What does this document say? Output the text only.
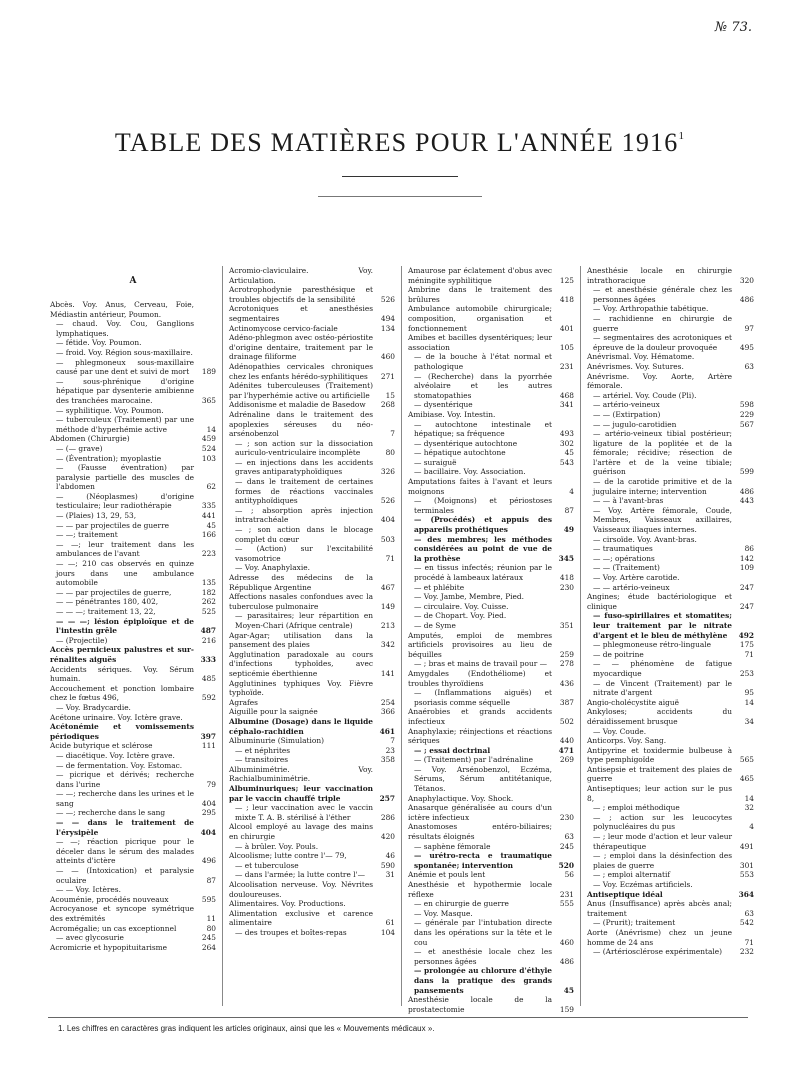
№ 73.
TABLE DES MATIÈRES POUR L'ANNÉE 1916$^1$
A
Abcès. Voy. Anus, Cerveau, Foie, Médiastin antérieur, Poumon.
— chaud. Voy. Cou, Ganglions lymphatiques.
— fétide. Voy. Poumon.
— froid. Voy. Région sous-maxillaire.
— phlegmoneux sous-maxillaire causé par une dent et suivi de mort	189
— sous-phrénique d'origine hépatique par dysenterie amibienne des tranchées marocaine.	365
— syphilitique. Voy. Poumon.
— tuberculeux (Traitement) par une méthode d'hyperhémie active	14
Abdomen (Chirurgie)	459
— (— grave)	524
— (Éventration); myoplastie	103
— (Fausse éventration) par paralysie partielle des muscles de l'abdomen	62
— (Néoplasmes) d'origine testiculaire; leur radiothérapie	335
— (Plaies) 13, 29, 53,	441
— — par projectiles de guerre	45
— —; traitement	166
— —; leur traitement dans les ambulances de l'avant	223
— —; 210 cas observés en quinze jours dans une ambulance automobile	135
— — par projectiles de guerre,	182
— — pénétrantes 180, 402,	262
— — —; traitement 13, 22,	525
— — —; lésion épiploïque et de l'intestin grêle	487
— (Projectile)	216
Accès pernicieux palustres et sur-rénalites aiguës	333
Accidents sériques. Voy. Sérum humain.	485
Accouchement et ponction lombaire chez le fœtus 496,	592
— Voy. Bradycardie.
Acétone urinaire. Voy. Ictère grave.
Acétonémie et vomissements périodiques	397
Acide butyrique et sclérose	111
— diacétique. Voy. Ictère grave.
— de fermentation. Voy. Estomac.
— picrique et dérivés; recherche dans l'urine	79
— —; recherche dans les urines et le sang	404
— —; recherche dans le sang	295
— — dans le traitement de l'érysipèle	404
— —; réaction picrique pour le déceler dans le sérum des malades atteints d'ictère	496
— — (Intoxication) et paralysie oculaire	87
— — Voy. Ictères.
Acouménie, procédés nouveaux	595
Acrocyanose et syncope symétrique des extrémités	11
Acromégalie; un cas exceptionnel	80
— avec glycosurie	245
Acromicrie et hypopituitarisme	264
Acromio-claviculaire. Voy. Articulation.
Acrotrophodynie paresthésique et troubles objectifs de la sensibilité	526
Acrotoniques et anesthésies segmentaires	494
Actinomycose cervico-faciale	134
Adéno-phlegmon avec ostéo-périostite d'origine dentaire, traitement par le drainage filiforme	460
Adénopathies cervicales chroniques chez les enfants hérédo-syphilitiques	271
Adénites tuberculeuses (Traitement) par l'hyperhémie active ou artificielle	15
Addisonisme et maladie de Basedow	268
Adrénaline dans le traitement des apoplexies séreuses du néo-arsénobenzol	7
— ; son action sur la dissociation auriculo-ventriculaire incomplète	80
— en injections dans les accidents graves antiparatyphoïdiques	326
— dans le traitement de certaines formes de réactions vaccinales antityphoïdiques	526
— ; absorption après injection intratrachéale	404
— ; son action dans le blocage complet du cœur	503
— (Action) sur l'excitabilité vasomotrice	71
— Voy. Anaphylaxie.
Adresse des médecins de la République Argentine	467
Affections nasales confondues avec la tuberculose pulmonaire	149
— parasitaires; leur répartition en Moyen-Chari (Afrique centrale)	213
Agar-Agar; utilisation dans la pansement des plaies	342
Agglutination paradoxale au cours d'infections typhoïdes, avec septicémie éberthienne	141
Agglutinines typhiques Voy. Fièvre typhoïde.
Agrafes	254
Aiguille pour la saignée	366
Albumine (Dosage) dans le liquide céphalo-rachidien	461
Albuminurie (Simulation)	7
— et néphrites	23
— transitoires	358
Albuminimétrie. Voy. Rachialbuminimétrie.
Albuminuriques; leur vaccination par le vaccin chauffé triple	257
— ; leur vaccination avec le vaccin mixte T. A. B. stérilisé à l'éther	286
Alcool employé au lavage des mains en chirurgie	420
— à brûler. Voy. Pouls.
Alcoolisme; lutte contre l'— 79,	46
— et tuberculose	590
— dans l'armée; la lutte contre l'—	31
Alcoolisation nerveuse. Voy. Névrites douloureuses.
Alimentaires. Voy. Productions.
Alimentation exclusive et carence alimentaire	61
— des troupes et boîtes-repas	104
Amaurose par éclatement d'obus avec méningite syphilitique	125
Ambrine dans le traitement des brûlures	418
Ambulance automobile chirurgicale; composition, organisation et fonctionnement	401
Amibes et bacilles dysentériques; leur association	105
— de la bouche à l'état normal et pathologique	231
— (Recherche) dans la pyorrhée alvéolaire et les autres stomatopathies	468
— dysentérique	341
Amibiase. Voy. Intestin.
— autochtone intestinale et hépatique; sa fréquence	493
— dysentérique autochtone	302
— hépatique autochtone	45
— suraiguë	543
— bacillaire. Voy. Association.
Amputations faites à l'avant et leurs moignons	4
— (Moignons) et périostoses terminales	87
— (Procédés) et appuis des appareils prothétiques	49
— des membres; les méthodes considérées au point de vue de la prothèse	345
— en tissus infectés; réunion par le procédé à lambeaux latéraux	418
— et phlébite	230
— Voy. Jambe, Membre, Pied.
— circulaire. Voy. Cuisse.
— de Chopart. Voy. Pied.
— de Syme	351
Amputés, emploi de membres artificiels provisoires au lieu de béquilles	259
— ; bras et mains de travail pour —	278
Amygdales (Endothéliome) et troubles thyroïdiens	436
— (Inflammations aiguës) et psoriasis comme séquelle	387
Anaérobies et grands accidents infectieux	502
Anaphylaxie; réinjections et réactions sériques	440
— ; essai doctrinal	471
— (Traitement) par l'adrénaline	269
— Voy. Arsénobenzol, Eczéma, Sérums, Sérum antitétanique, Tétanos.
Anaphylactique. Voy. Shock.
Anasarque généralisée au cours d'un ictère infectieux	230
Anastomoses entéro-biliaires; résultats éloignés	63
— saphène fémorale	245
— urétro-recta e traumatique spontanée; intervention	520
Anémie et pouls lent	56
Anesthésie et hypothermie locale réflexe	231
— en chirurgie de guerre	555
— Voy. Masque.
— générale par l'intubation directe dans les opérations sur la tête et le cou	460
— et anesthésie locale chez les personnes âgées	486
— prolongée au chlorure d'éthyle dans la pratique des grands pansements	45
Anesthésie locale de la prostatectomie	159
Anesthésie locale en chirurgie intrathoracique	320
— et anesthésie générale chez les personnes âgées	486
— Voy. Arthropathie tabétique.
— rachidienne en chirurgie de guerre	97
— segmentaires des acrotoniques et épreuve de la douleur provoquée	495
Anévrismal. Voy. Hématome.
Anévrismes. Voy. Sutures.	63
Anévrisme. Voy. Aorte, Artère fémorale.
— artériel. Voy. Coude (Pli).
— artério-veineux	598
— — (Extirpation)	229
— — jugulo-carotidien	567
— artério-veineux tibial postérieur; ligature de la poplitée et de la fémorale; récidive; résection de l'artère et de la veine tibiale; guérison	599
— de la carotide primitive et de la jugulaire interne; intervention	486
— — à l'avant-bras	443
— Voy. Artère fémorale, Coude, Membres, Vaisseaux axillaires, Vaisseaux iliaques internes.
— cirsoïde. Voy. Avant-bras.
— traumatiques	86
— —; opérations	142
— — (Traitement)	109
— Voy. Artère carotide.
— — artério-veineux	247
Angines; étude bactériologique et clinique	247
— fuso-spirillaires et stomatites; leur traitement par le nitrate d'argent et le bleu de méthylène	492
— phlegmoneuse rétro-linguale	175
— de poitrine	71
— — phénomène de fatigue myocardique	253
— de Vincent (Traitement) par le nitrate d'argent	95
Angio-cholécystite aiguë	14
Ankyloses; accidents du déraidissement brusque	34
— Voy. Coude.
Anticorps. Voy. Sang.
Antipyrine et toxidermie bulbeuse à type pemphigoïde	565
Antisepsie et traitement des plaies de guerre	465
Antiseptiques; leur action sur le pus 8,	14
— ; emploi méthodique	32
— ; action sur les leucocytes polynucléaires du pus	4
— ; leur mode d'action et leur valeur thérapeutique	491
— ; emploi dans la désinfection des plaies de guerre	301
— ; emploi alternatif	553
— Voy. Eczémas artificiels.
Antiseptique idéal	364
Anus (Insuffisance) après abcès anal; traitement	63
— (Prurit); traitement	542
Aorte (Anévrisme) chez un jeune homme de 24 ans	71
— (Artériosclérose expérimentale)	232
1. Les chiffres en caractères gras indiquent les articles originaux, ainsi que les « Mouvements médicaux ».
